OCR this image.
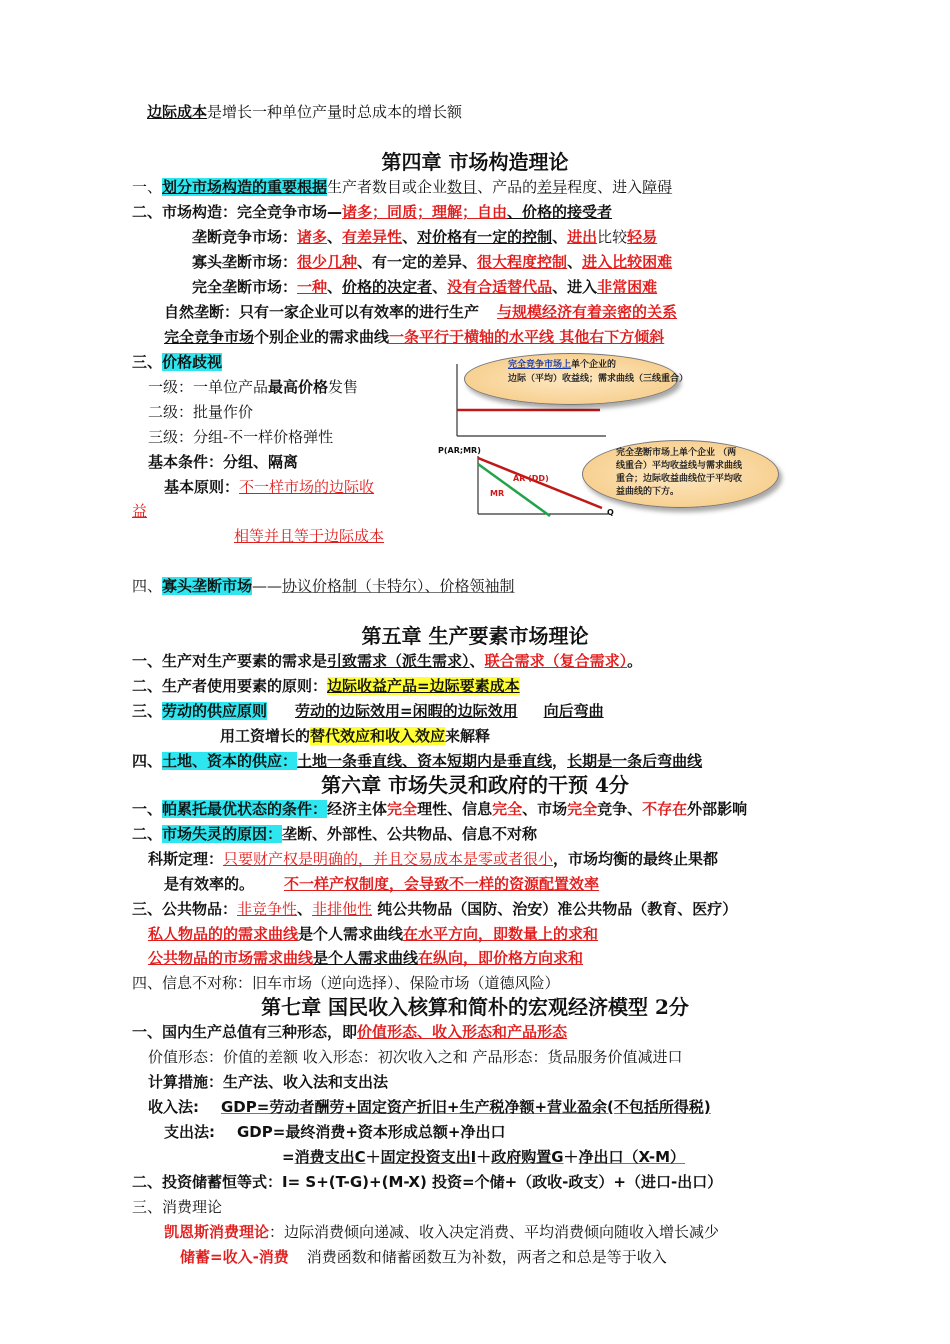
边际成本是增长一种单位产量时总成本的增长额
第四章 市场构造理论
一、划分市场构造的重要根据生产者数目或企业数目、产品的差异程度、进入障碍
二、市场构造：完全竞争市场—诸多；同质；理解；自由、价格的接受者
垄断竞争市场：诸多、有差异性、对价格有一定的控制、进出比较轻易
寡头垄断市场：很少几种、有一定的差异、很大程度控制、进入比较困难
完全垄断市场：一种、价格的决定者、没有合适替代品、进入非常困难
自然垄断：只有一家企业可以有效率的进行生产 与规模经济有着亲密的关系
完全竞争市场个别企业的需求曲线一条平行于横轴的水平线 其他右下方倾斜
三、价格歧视
一级：一单位产品最高价格发售
二级：批量作价
三级：分组-不一样价格弹性
基本条件：分组、隔离
基本原则：不一样市场的边际收
益
相等并且等于边际成本
完全竞争市场上单个企业的
边际（平均）收益线；需求曲线（三线重合）
P(AR;MR)
AR (DD)
MR
Q
完全垄断市场上单个企业 （两
线重合）平均收益线与需求曲线
重合；边际收益曲线位于平均收
益曲线的下方。
四、寡头垄断市场——协议价格制（卡特尔）、价格领袖制
第五章 生产要素市场理论
一、生产对生产要素的需求是引致需求（派生需求）、联合需求（复合需求）。
二、生产者使用要素的原则：边际收益产品=边际要素成本
三、劳动的供应原则 劳动的边际效用=闲暇的边际效用 向后弯曲
用工资增长的替代效应和收入效应来解释
四、土地、资本的供应：土地一条垂直线、资本短期内是垂直线，长期是一条后弯曲线
第六章 市场失灵和政府的干预 4分
一、帕累托最优状态的条件：经济主体完全理性、信息完全、市场完全竞争、不存在外部影响
二、市场失灵的原因：垄断、外部性、公共物品、信息不对称
科斯定理：只要财产权是明确的，并且交易成本是零或者很小，市场均衡的最终止果都
是有效率的。 不一样产权制度，会导致不一样的资源配置效率
三、公共物品：非竞争性、非排他性 纯公共物品（国防、治安）准公共物品（教育、医疗）
私人物品的的需求曲线是个人需求曲线在水平方向，即数量上的求和
公共物品的市场需求曲线是个人需求曲线在纵向，即价格方向求和
四、信息不对称：旧车市场（逆向选择）、保险市场（道德风险）
第七章 国民收入核算和简朴的宏观经济模型 2分
一、国内生产总值有三种形态，即价值形态、收入形态和产品形态
价值形态：价值的差额 收入形态：初次收入之和 产品形态：货品服务价值减进口
计算措施：生产法、收入法和支出法
收入法: GDP=劳动者酬劳+固定资产折旧+生产税净额+营业盈余(不包括所得税)
支出法: GDP=最终消费+资本形成总额+净出口
=消费支出C＋固定投资支出I＋政府购置G＋净出口（X-M）
二、投资储蓄恒等式：I= S+(T-G)+(M-X) 投资=个储+（政收-政支）+（进口-出口）
三、消费理论
凯恩斯消费理论：边际消费倾向递减、收入决定消费、平均消费倾向随收入增长减少
储蓄=收入-消费 消费函数和储蓄函数互为补数，两者之和总是等于收入
